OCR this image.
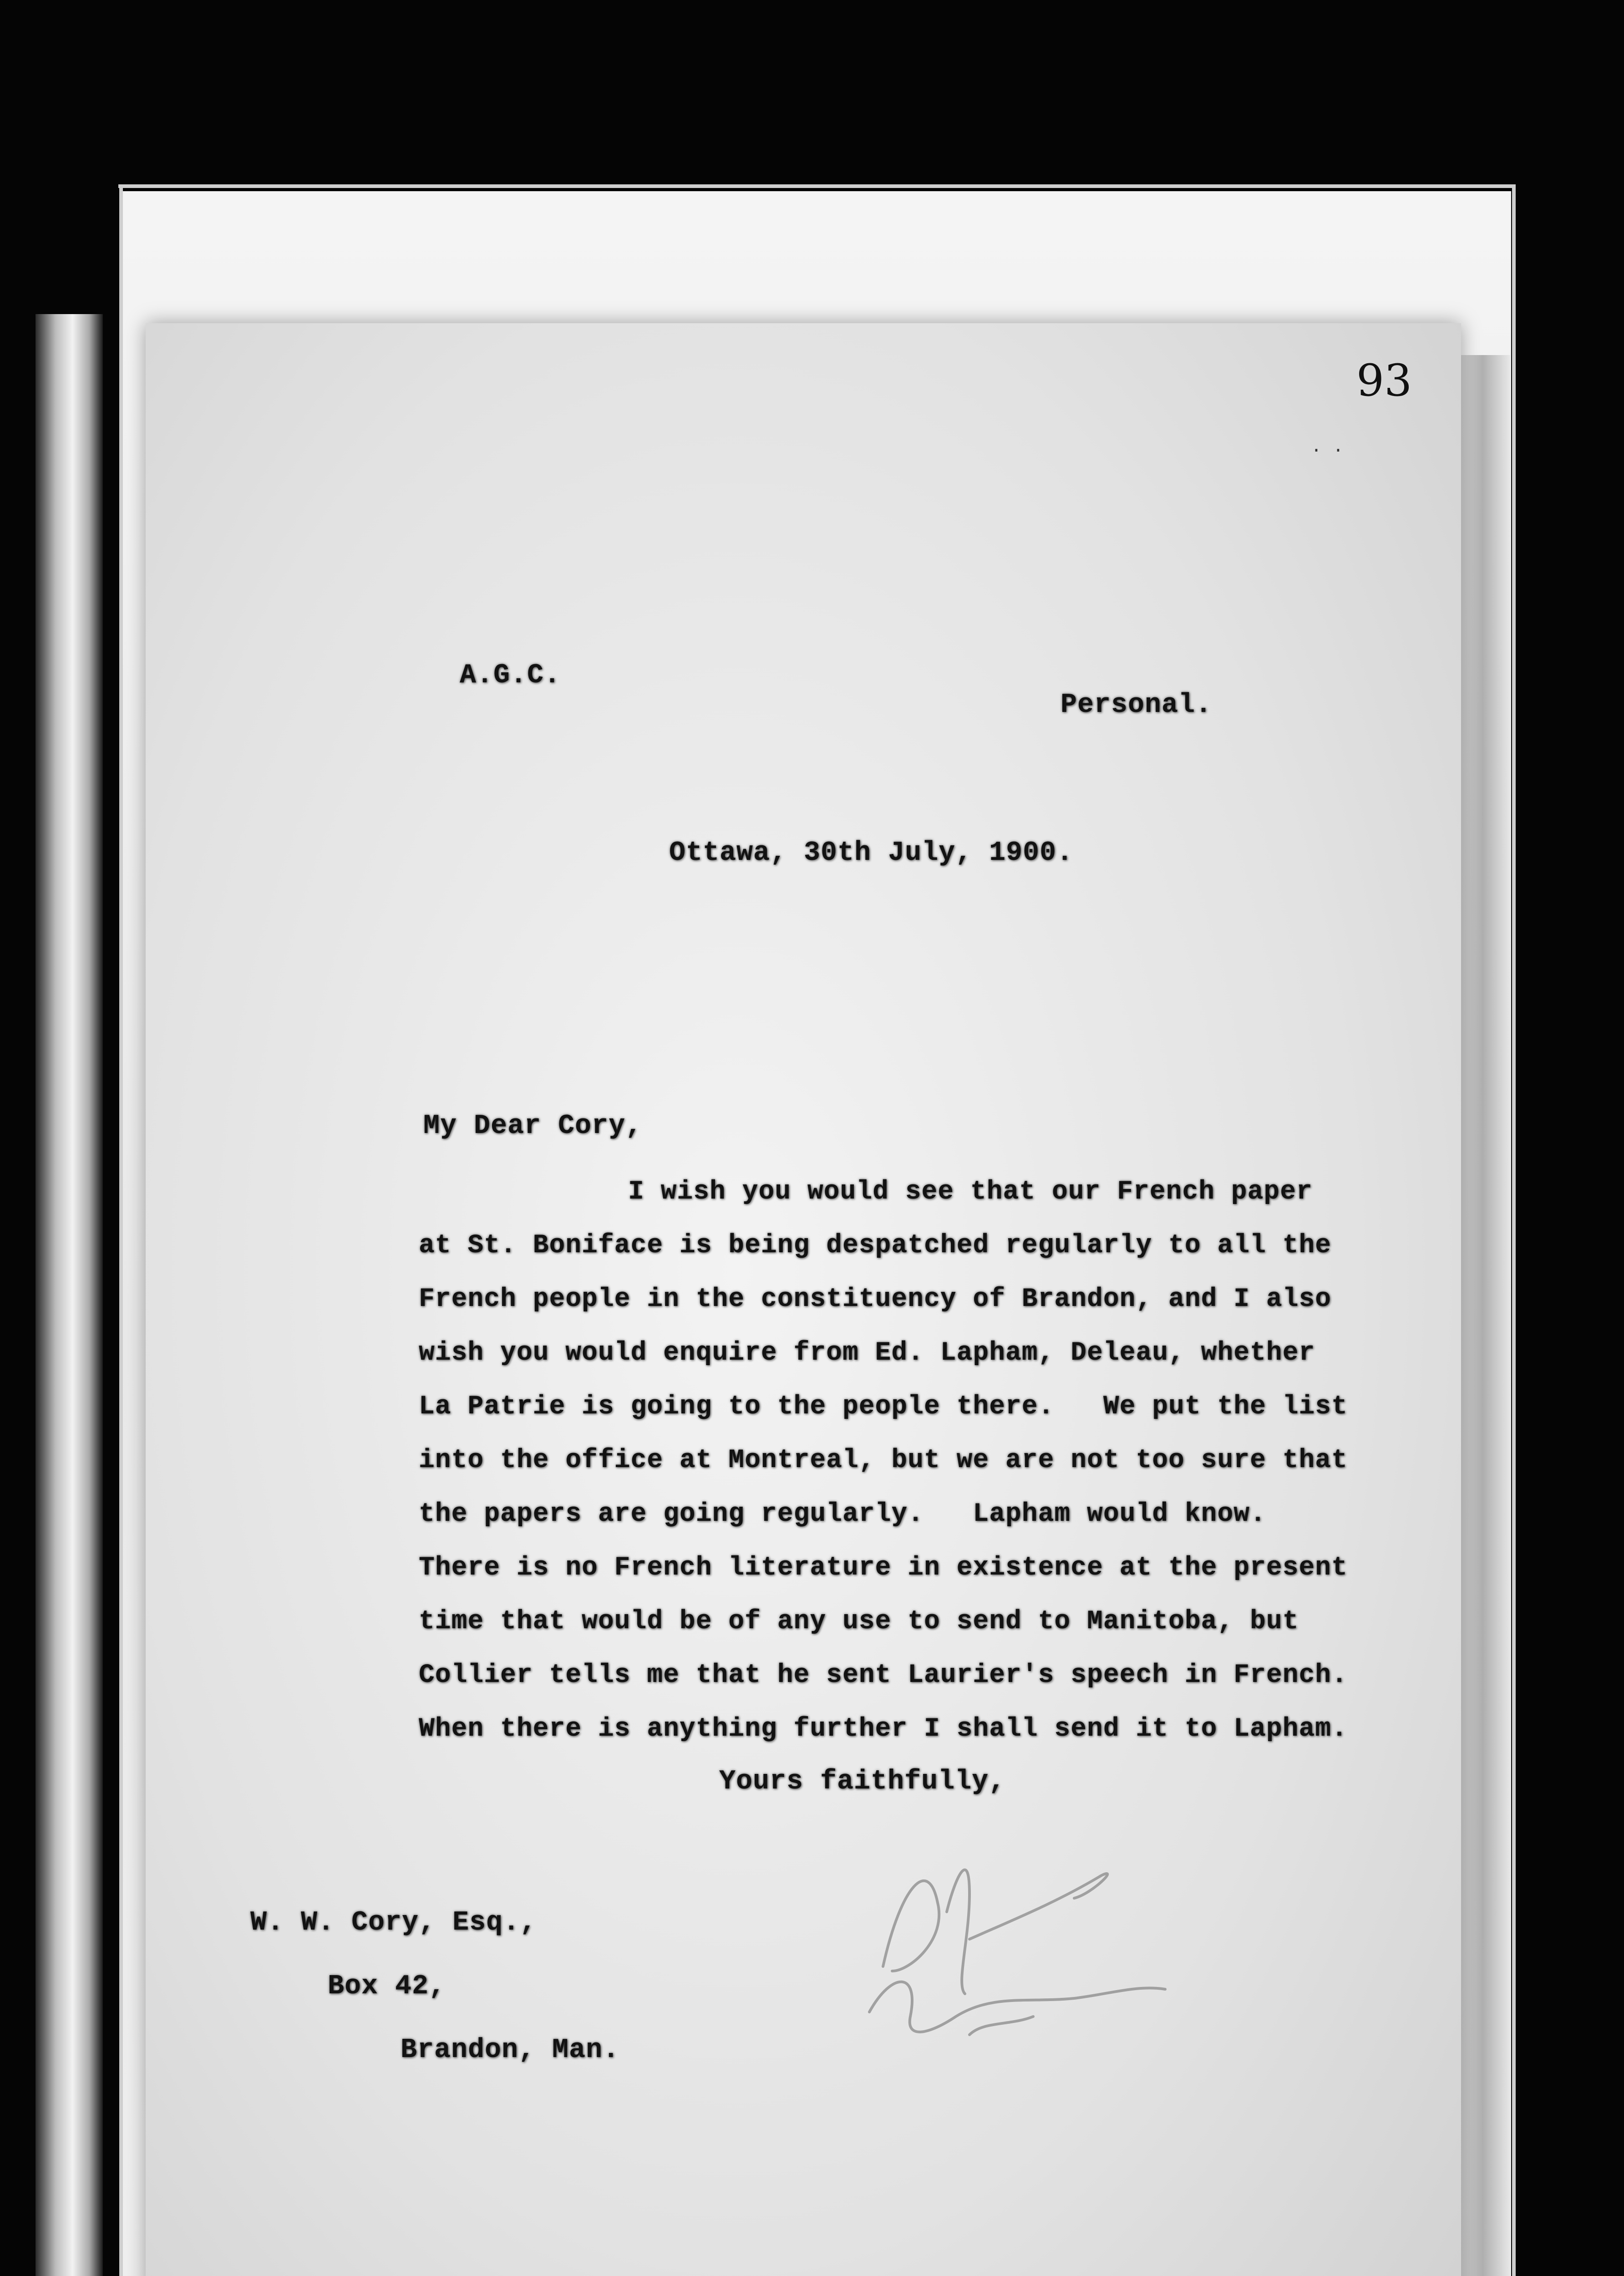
93
. .
A.G.C.
Personal.
Ottawa, 30th July, 1900.
My Dear Cory,
I wish you would see that our French paper
at St. Boniface is being despatched regularly to all the
French people in the constituency of Brandon, and I also
wish you would enquire from Ed. Lapham, Deleau, whether
La Patrie is going to the people there.   We put the list
into the office at Montreal, but we are not too sure that
the papers are going regularly.   Lapham would know.
There is no French literature in existence at the present
time that would be of any use to send to Manitoba, but
Collier tells me that he sent Laurier's speech in French.
When there is anything further I shall send it to Lapham.
Yours faithfully,
W. W. Cory, Esq.,
Box 42,
Brandon, Man.
